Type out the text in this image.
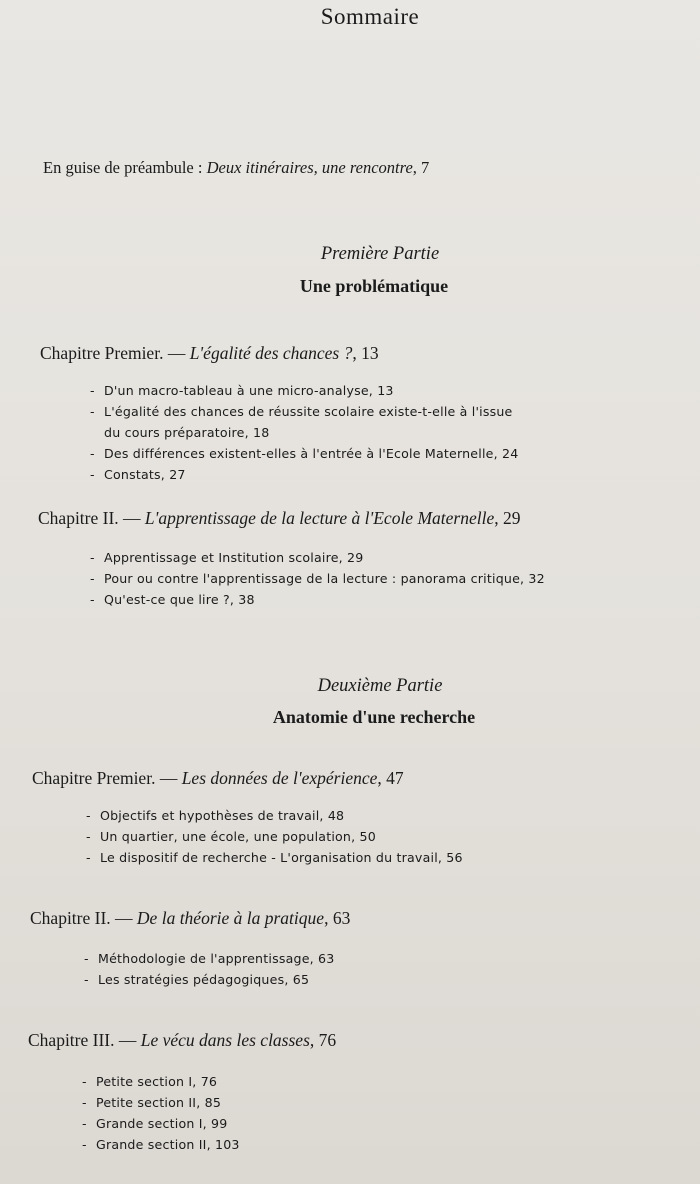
Sommaire
En guise de préambule : Deux itinéraires, une rencontre, 7
Première Partie
Une problématique
Chapitre Premier. — L'égalité des chances ?, 13
- D'un macro-tableau à une micro-analyse, 13
- L'égalité des chances de réussite scolaire existe-t-elle à l'issue
du cours préparatoire, 18
- Des différences existent-elles à l'entrée à l'Ecole Maternelle, 24
- Constats, 27
Chapitre II. — L'apprentissage de la lecture à l'Ecole Maternelle, 29
- Apprentissage et Institution scolaire, 29
- Pour ou contre l'apprentissage de la lecture : panorama critique, 32
- Qu'est-ce que lire ?, 38
Deuxième Partie
Anatomie d'une recherche
Chapitre Premier. — Les données de l'expérience, 47
- Objectifs et hypothèses de travail, 48
- Un quartier, une école, une population, 50
- Le dispositif de recherche - L'organisation du travail, 56
Chapitre II. — De la théorie à la pratique, 63
- Méthodologie de l'apprentissage, 63
- Les stratégies pédagogiques, 65
Chapitre III. — Le vécu dans les classes, 76
- Petite section I, 76
- Petite section II, 85
- Grande section I, 99
- Grande section II, 103
